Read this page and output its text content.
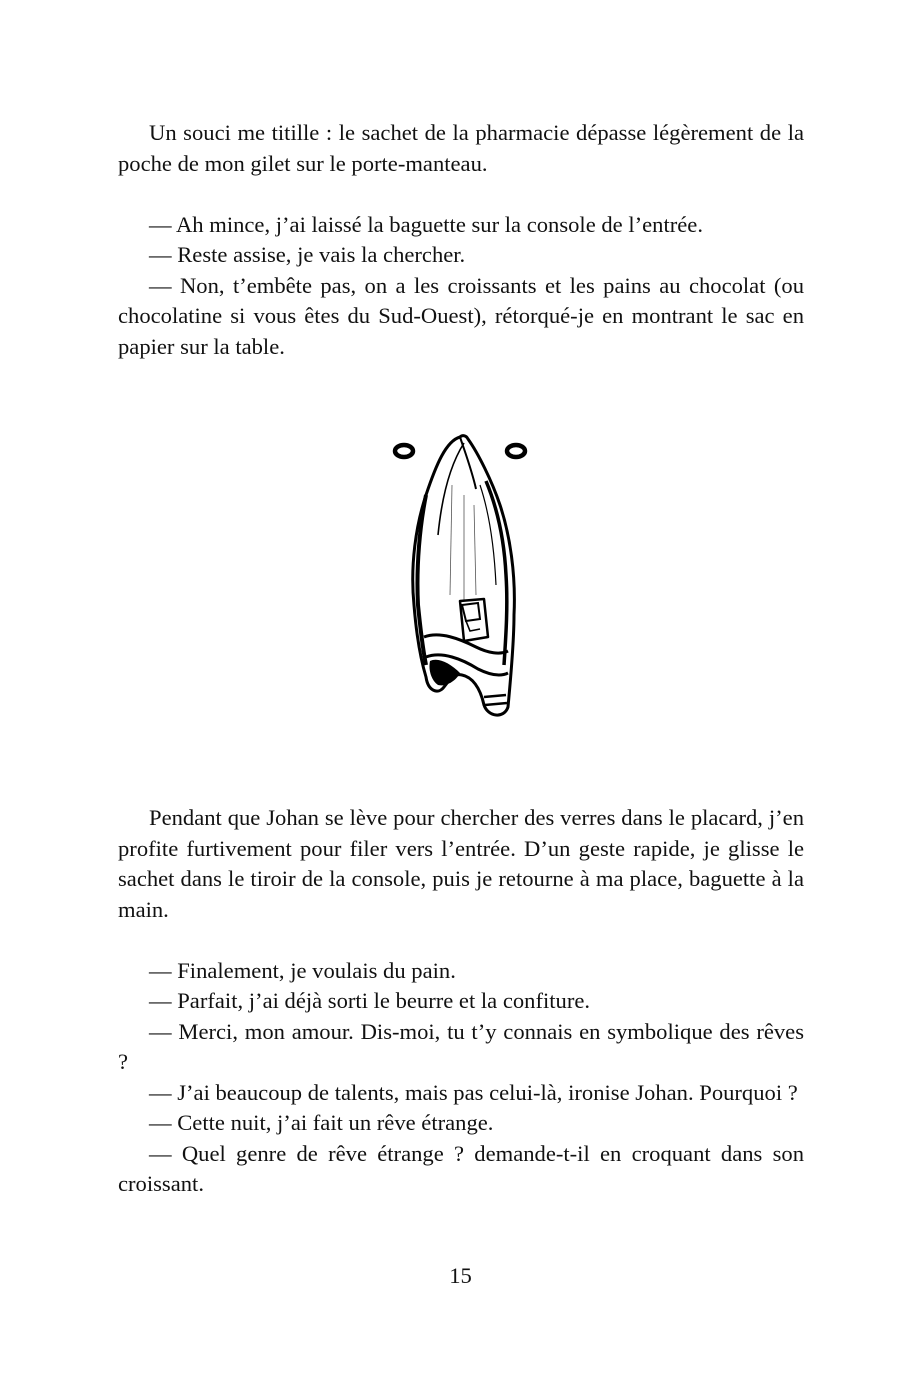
Un souci me titille : le sachet de la pharmacie dépasse légèrement de la poche de mon gilet sur le porte-manteau.

— Ah mince, j’ai laissé la baguette sur la console de l’entrée.

— Reste assise, je vais la chercher.

— Non, t’embête pas, on a les croissants et les pains au chocolat (ou chocolatine si vous êtes du Sud-Ouest), rétorqué-je en montrant le sac en papier sur la table.

Pendant que Johan se lève pour chercher des verres dans le placard, j’en profite furtivement pour filer vers l’entrée. D’un geste rapide, je glisse le sachet dans le tiroir de la console, puis je retourne à ma place, baguette à la main.

— Finalement, je voulais du pain.

— Parfait, j’ai déjà sorti le beurre et la confiture.

— Merci, mon amour. Dis-moi, tu t’y connais en symbolique des rêves ?

— J’ai beaucoup de talents, mais pas celui-là, ironise Johan. Pourquoi ?

— Cette nuit, j’ai fait un rêve étrange.

— Quel genre de rêve étrange ? demande-t-il en croquant dans son croissant.

15
